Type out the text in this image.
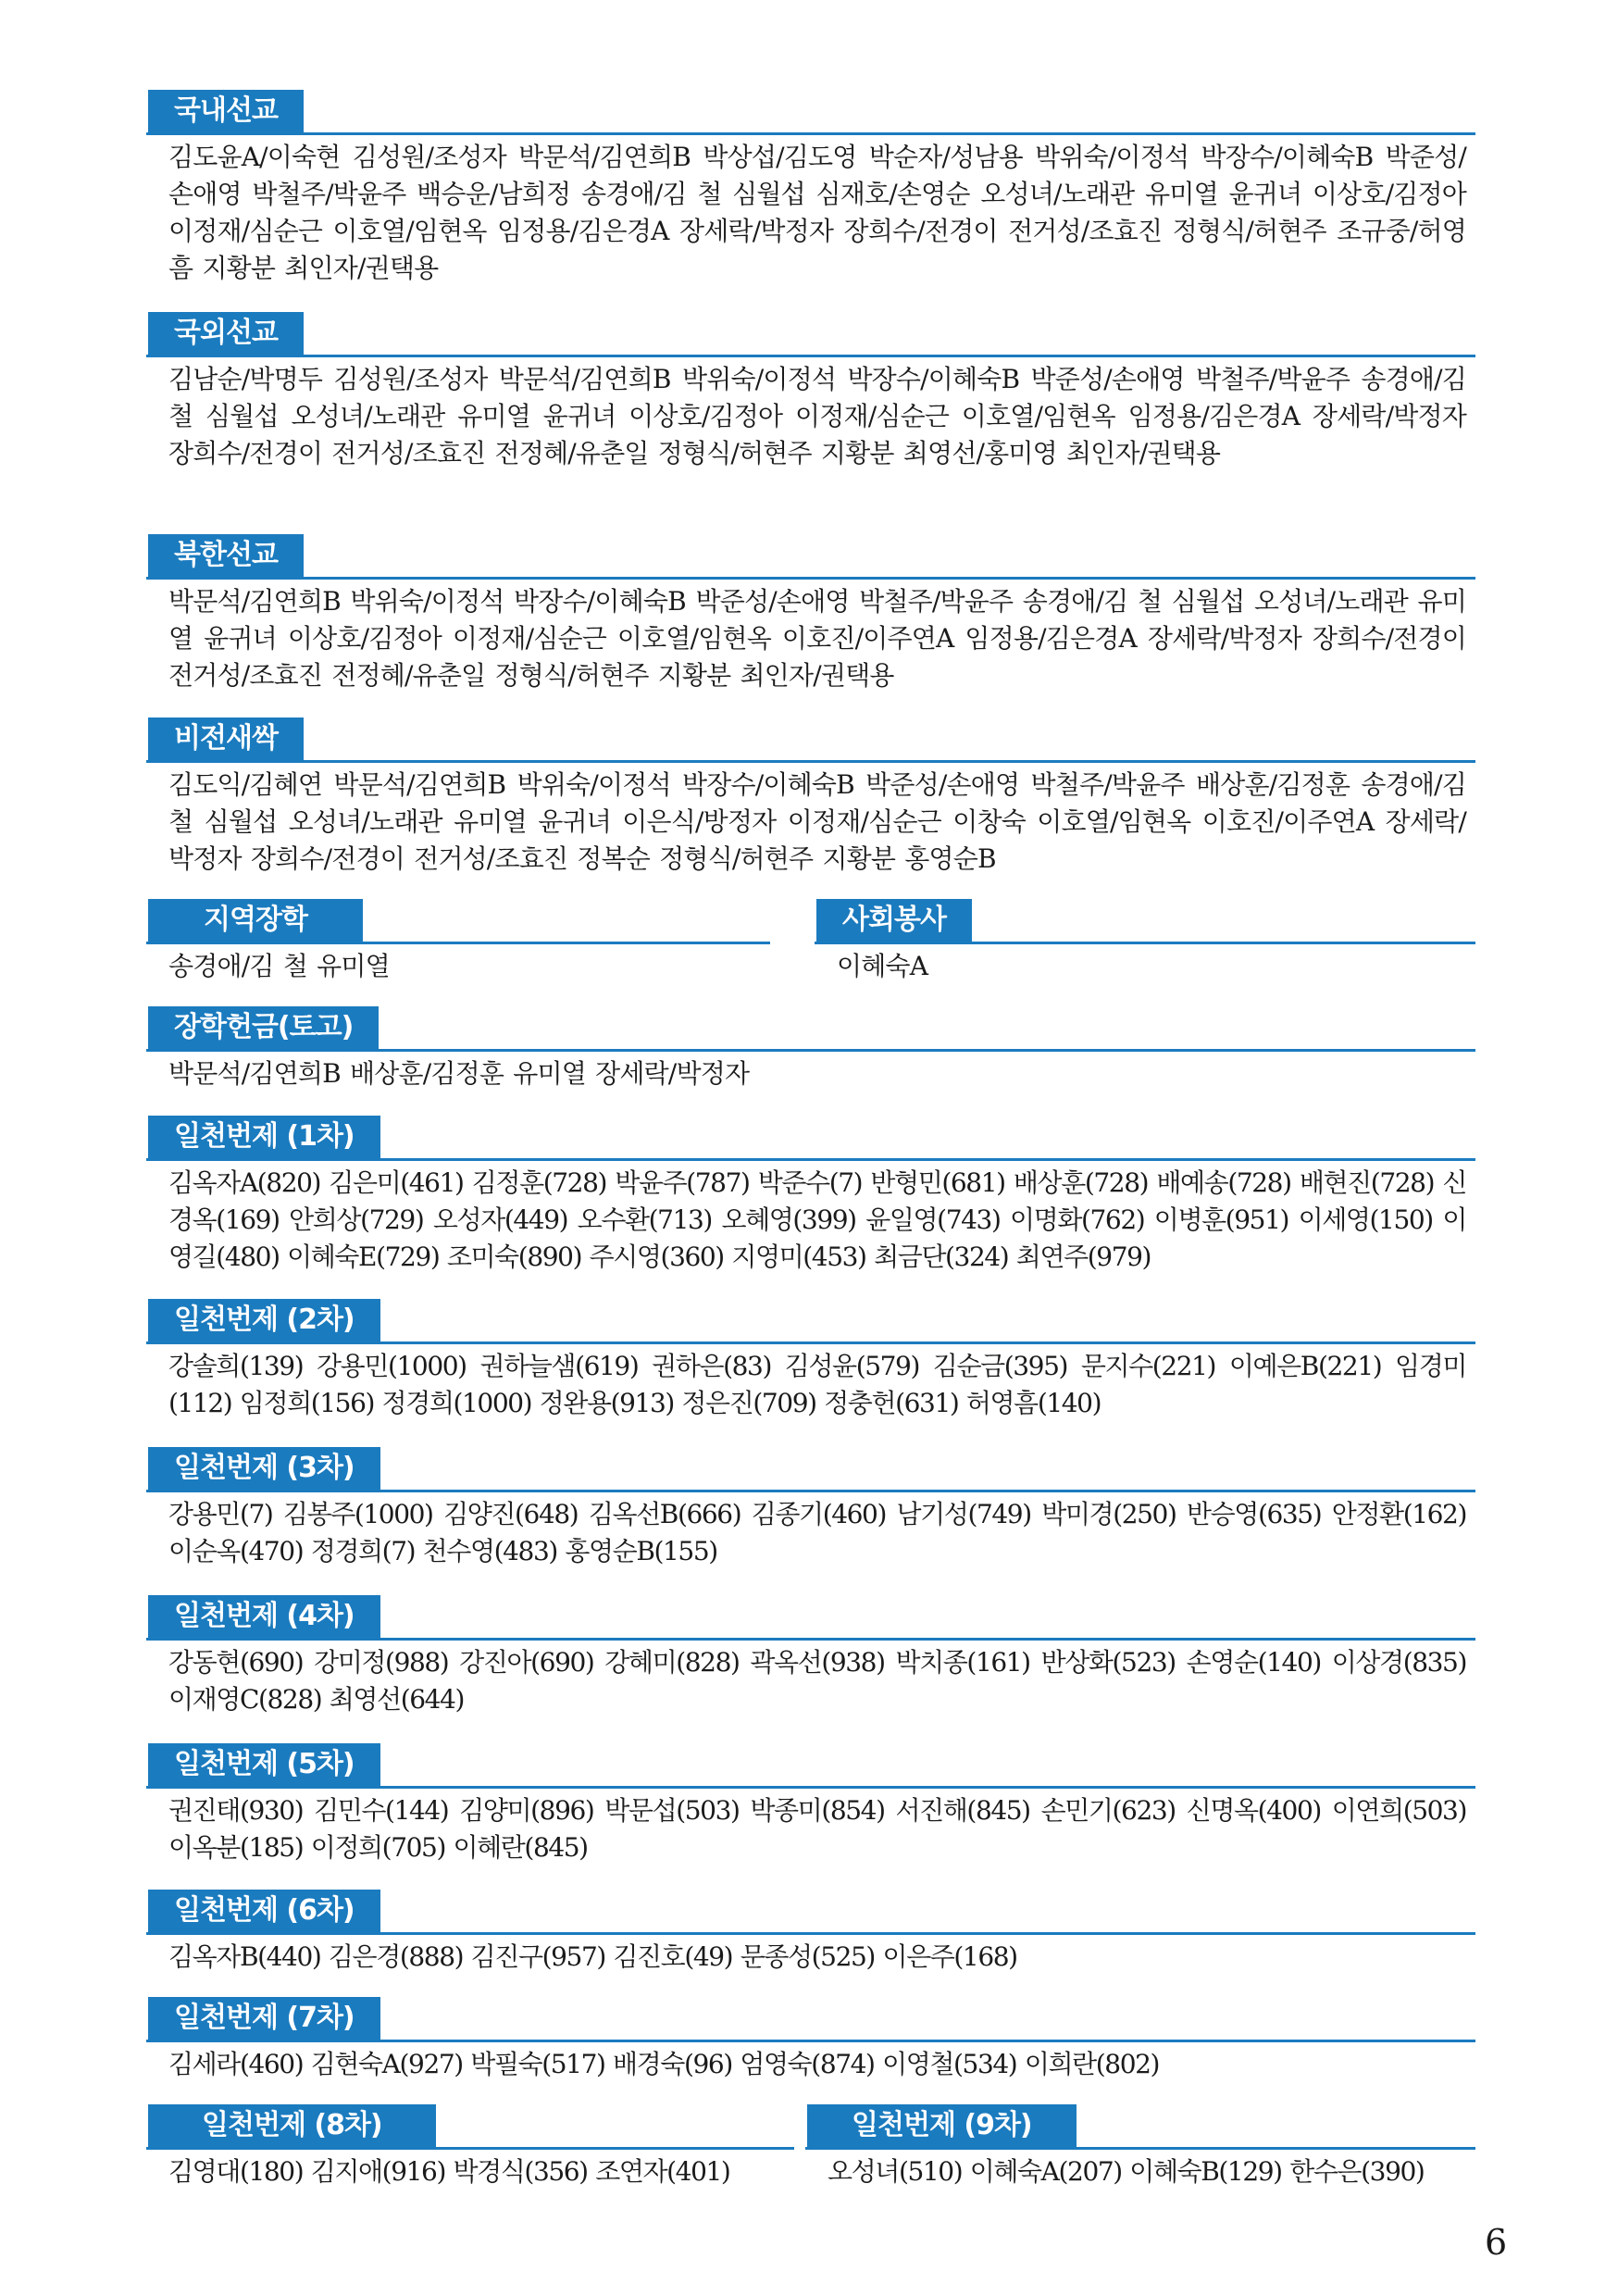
국내선교
김도윤A/이숙현 김성원/조성자 박문석/김연희B 박상섭/김도영 박순자/성남용 박위숙/이정석 박장수/이혜숙B 박준성/손애영 박철주/박윤주 백승운/남희정 송경애/김 철 심월섭 심재호/손영순 오성녀/노래관 유미열 윤귀녀 이상호/김정아 이정재/심순근 이호열/임현옥 임정용/김은경A 장세락/박정자 장희수/전경이 전거성/조효진 정형식/허현주 조규중/허영흠 지황분 최인자/권택용
국외선교
김남순/박명두 김성원/조성자 박문석/김연희B 박위숙/이정석 박장수/이혜숙B 박준성/손애영 박철주/박윤주 송경애/김 철 심월섭 오성녀/노래관 유미열 윤귀녀 이상호/김정아 이정재/심순근 이호열/임현옥 임정용/김은경A 장세락/박정자 장희수/전경이 전거성/조효진 전정혜/유춘일 정형식/허현주 지황분 최영선/홍미영 최인자/권택용
북한선교
박문석/김연희B 박위숙/이정석 박장수/이혜숙B 박준성/손애영 박철주/박윤주 송경애/김 철 심월섭 오성녀/노래관 유미열 윤귀녀 이상호/김정아 이정재/심순근 이호열/임현옥 이호진/이주연A 임정용/김은경A 장세락/박정자 장희수/전경이 전거성/조효진 전정혜/유춘일 정형식/허현주 지황분 최인자/권택용
비전새싹
김도익/김혜연 박문석/김연희B 박위숙/이정석 박장수/이혜숙B 박준성/손애영 박철주/박윤주 배상훈/김정훈 송경애/김 철 심월섭 오성녀/노래관 유미열 윤귀녀 이은식/방정자 이정재/심순근 이창숙 이호열/임현옥 이호진/이주연A 장세락/박정자 장희수/전경이 전거성/조효진 정복순 정형식/허현주 지황분 홍영순B
지역장학
송경애/김 철 유미열
사회봉사
이혜숙A
장학헌금(토고)
박문석/김연희B 배상훈/김정훈 유미열 장세락/박정자
일천번제 (1차)
김옥자A(820) 김은미(461) 김정훈(728) 박윤주(787) 박준수(7) 반형민(681) 배상훈(728) 배예송(728) 배현진(728) 신경옥(169) 안희상(729) 오성자(449) 오수환(713) 오혜영(399) 윤일영(743) 이명화(762) 이병훈(951) 이세영(150) 이영길(480) 이혜숙E(729) 조미숙(890) 주시영(360) 지영미(453) 최금단(324) 최연주(979)
일천번제 (2차)
강솔희(139) 강용민(1000) 권하늘샘(619) 권하은(83) 김성윤(579) 김순금(395) 문지수(221) 이예은B(221) 임경미(112) 임정희(156) 정경희(1000) 정완용(913) 정은진(709) 정충헌(631) 허영흠(140)
일천번제 (3차)
강용민(7) 김봉주(1000) 김양진(648) 김옥선B(666) 김종기(460) 남기성(749) 박미경(250) 반승영(635) 안정환(162) 이순옥(470) 정경희(7) 천수영(483) 홍영순B(155)
일천번제 (4차)
강동현(690) 강미정(988) 강진아(690) 강혜미(828) 곽옥선(938) 박치종(161) 반상화(523) 손영순(140) 이상경(835) 이재영C(828) 최영선(644)
일천번제 (5차)
권진태(930) 김민수(144) 김양미(896) 박문섭(503) 박종미(854) 서진해(845) 손민기(623) 신명옥(400) 이연희(503) 이옥분(185) 이정희(705) 이혜란(845)
일천번제 (6차)
김옥자B(440) 김은경(888) 김진구(957) 김진호(49) 문종성(525) 이은주(168)
일천번제 (7차)
김세라(460) 김현숙A(927) 박필숙(517) 배경숙(96) 엄영숙(874) 이영철(534) 이희란(802)
일천번제 (8차)
김영대(180) 김지애(916) 박경식(356) 조연자(401)
일천번제 (9차)
오성녀(510) 이혜숙A(207) 이혜숙B(129) 한수은(390)
6
